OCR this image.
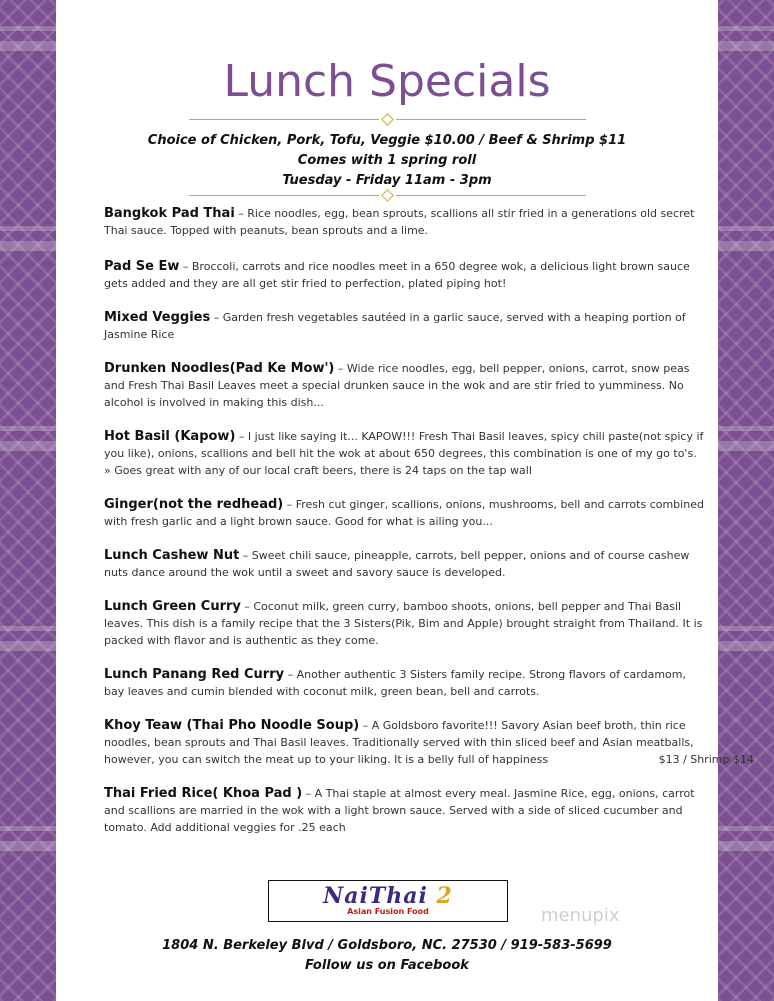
Lunch Specials
Choice of Chicken, Pork, Tofu, Veggie $10.00 / Beef & Shrimp $11
Comes with 1 spring roll
Tuesday - Friday 11am - 3pm
Bangkok Pad Thai – Rice noodles, egg, bean sprouts, scallions all stir fried in a generations old secret Thai sauce. Topped with peanuts, bean sprouts and a lime.
Pad Se Ew – Broccoli, carrots and rice noodles meet in a 650 degree wok, a delicious light brown sauce gets added and they are all get stir fried to perfection, plated piping hot!
Mixed Veggies – Garden fresh vegetables sautéed in a garlic sauce, served with a heaping portion of Jasmine Rice
Drunken Noodles(Pad Ke Mow') – Wide rice noodles, egg, bell pepper, onions, carrot, snow peas and Fresh Thai Basil Leaves meet a special drunken sauce in the wok and are stir fried to yumminess. No alcohol is involved in making this dish...
Hot Basil (Kapow) – I just like saying it... KAPOW!!! Fresh Thai Basil leaves, spicy chili paste(not spicy if you like), onions, scallions and bell hit the wok at about 650 degrees, this combination is one of my go to's. » Goes great with any of our local craft beers, there is 24 taps on the tap wall
Ginger(not the redhead) – Fresh cut ginger, scallions, onions, mushrooms, bell and carrots combined with fresh garlic and a light brown sauce. Good for what is ailing you...
Lunch Cashew Nut – Sweet chili sauce, pineapple, carrots, bell pepper, onions and of course cashew nuts dance around the wok until a sweet and savory sauce is developed.
Lunch Green Curry – Coconut milk, green curry, bamboo shoots, onions, bell pepper and Thai Basil leaves. This dish is a family recipe that the 3 Sisters(Pik, Bim and Apple) brought straight from Thailand. It is packed with flavor and is authentic as they come.
Lunch Panang Red Curry – Another authentic 3 Sisters family recipe. Strong flavors of cardamom, bay leaves and cumin blended with coconut milk, green bean, bell and carrots.
Khoy Teaw (Thai Pho Noodle Soup) – A Goldsboro favorite!!! Savory Asian beef broth, thin rice noodles, bean sprouts and Thai Basil leaves. Traditionally served with thin sliced beef and Asian meatballs, however, you can switch the meat up to your liking. It is a belly full of happiness	$13 / Shrimp $14
Thai Fried Rice( Khoa Pad ) – A Thai staple at almost every meal. Jasmine Rice, egg, onions, carrot and scallions are married in the wok with a light brown sauce. Served with a side of sliced cucumber and tomato. Add additional veggies for .25 each
NaiThai 2
Asian Fusion Food	menupix
1804 N. Berkeley Blvd / Goldsboro, NC. 27530 / 919-583-5699
Follow us on Facebook
